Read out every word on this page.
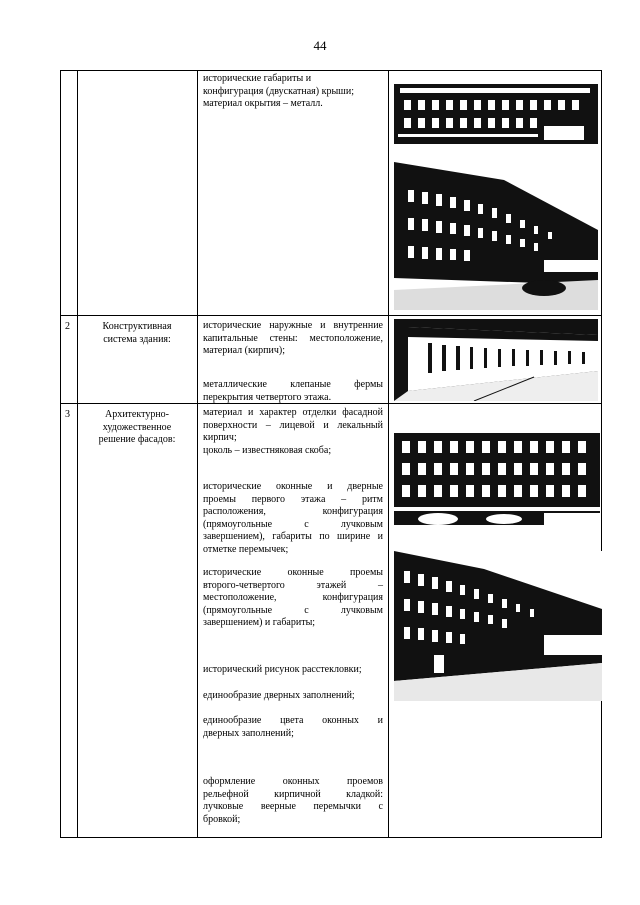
44

исторические габариты и

конфигурация (двускатная) крыши;

материал окрытия – металл.

2	Конструктивная
система здания:

исторические наружные и внутренние

капитальные стены: местоположение,

материал (кирпич);

металлические клепаные фермы

перекрытия четвертого этажа.

3	Архитектурно-
художественное
решение фасадов:

материал и характер отделки фасадной

поверхности – лицевой и лекальный

кирпич;

цоколь – известняковая скоба;

исторические оконные и дверные

проемы первого этажа – ритм

расположения, конфигурация

(прямоугольные с лучковым

завершением), габариты по ширине и

отметке перемычек;

исторические оконные проемы

второго-четвертого этажей –

местоположение, конфигурация

(прямоугольные с лучковым

завершением) и габариты;

исторический рисунок расстекловки;

единообразие дверных заполнений;

единообразие цвета оконных и

дверных заполнений;

оформление оконных проемов

рельефной кирпичной кладкой:

лучковые веерные перемычки с

бровкой;
